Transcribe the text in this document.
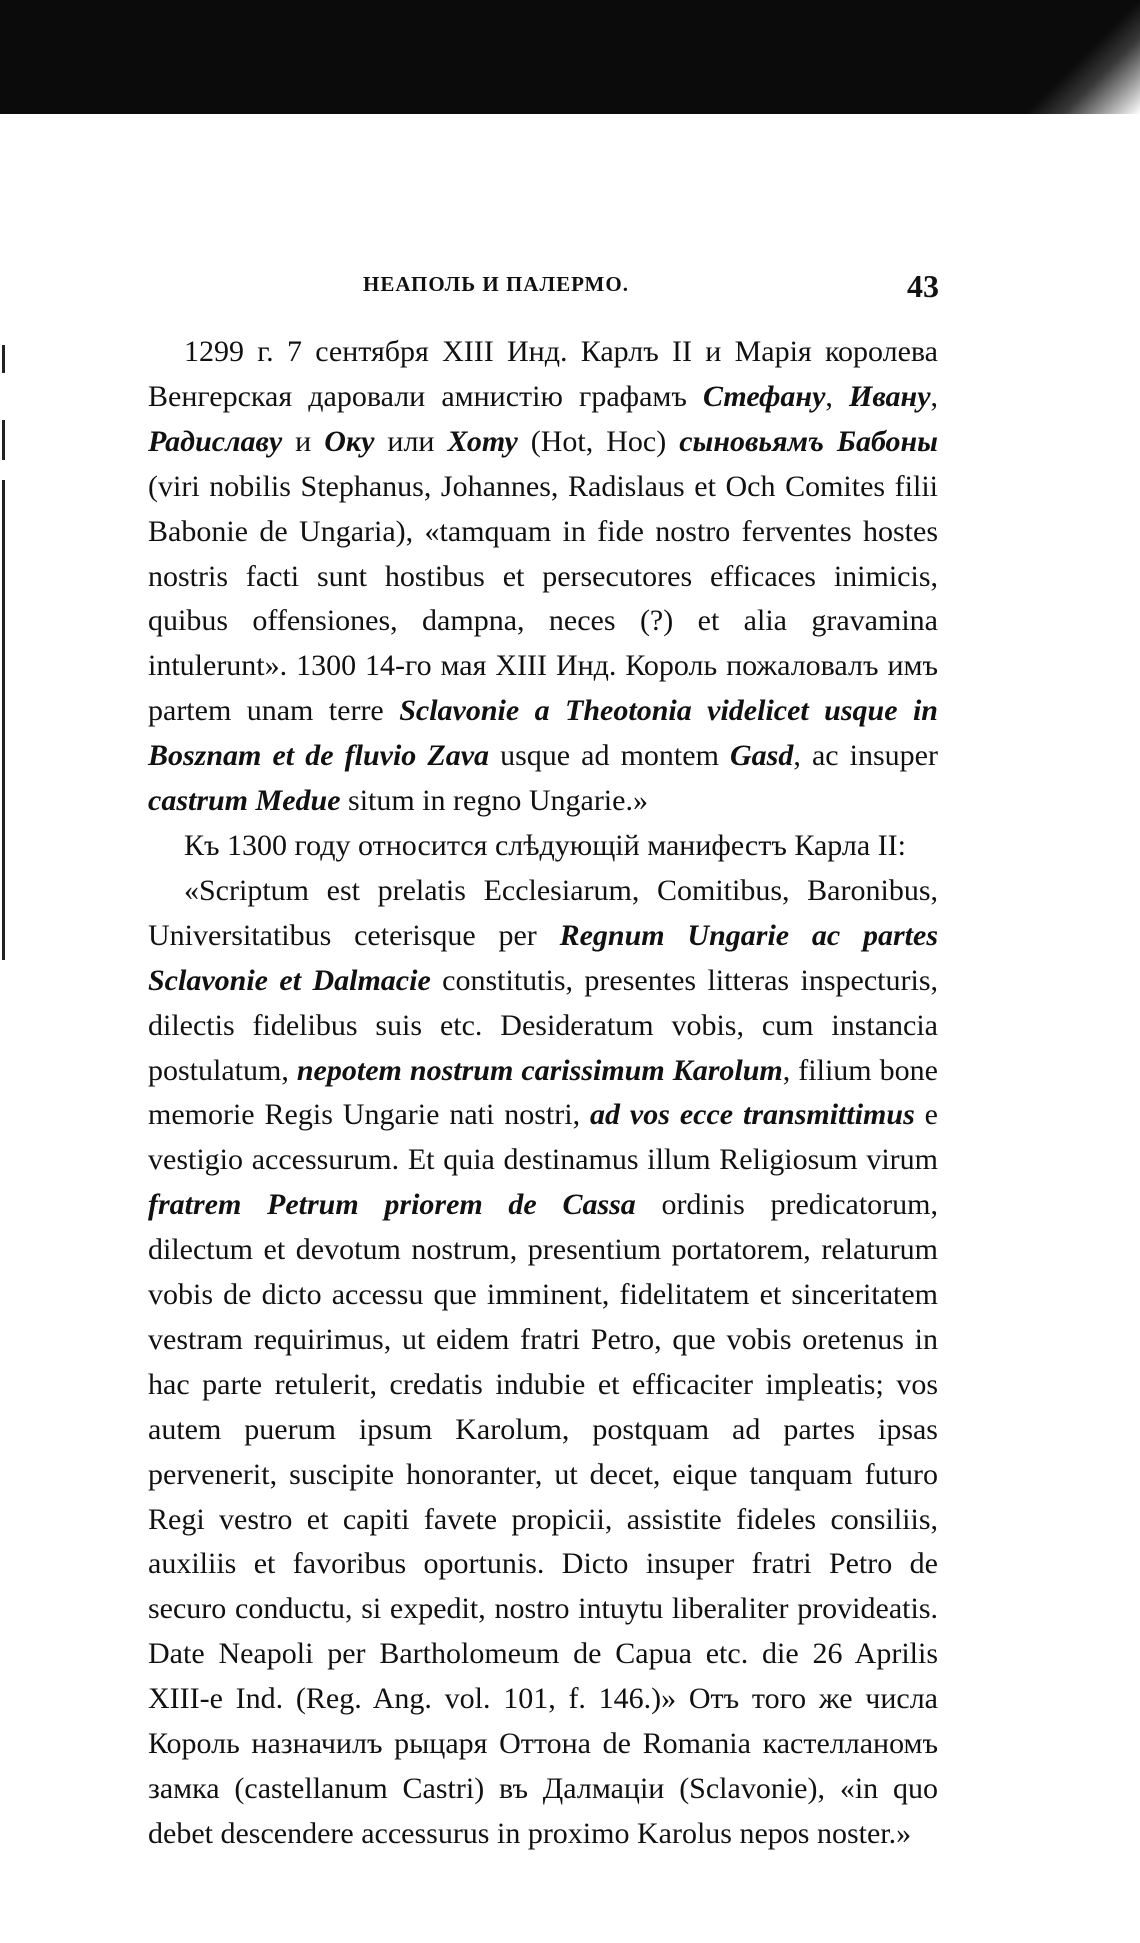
НЕАПОЛЬ И ПАЛЕРМО.	43

1299 г. 7 сентября XIII Инд. Карлъ II и Марія королева Венгерская даровали амнистію графамъ Стефану, Ивану, Радиславу и Оку или Хоту (Hot, Hoc) сыновьямъ Бабоны (viri nobilis Stephanus, Johannes, Radislaus et Och Comites filii Babonie de Ungaria), «tamquam in fide nostro ferventes hostes nostris facti sunt hostibus et persecutores efficaces inimicis, quibus offensiones, dampna, neces (?) et alia gravamina intulerunt». 1300 14-го мая XIII Инд. Король пожаловалъ имъ partem unam terre Sclavonie a Theotonia videlicet usque in Bosznam et de fluvio Zava usque ad montem Gasd, ac insuper castrum Medue situm in regno Ungarie.»

Къ 1300 году относится слѣдующій манифестъ Карла II:

«Scriptum est prelatis Ecclesiarum, Comitibus, Baronibus, Universitatibus ceterisque per Regnum Ungarie ac partes Sclavonie et Dalmacie constitutis, presentes litteras inspecturis, dilectis fidelibus suis etc. Desideratum vobis, cum instancia postulatum, nepotem nostrum carissimum Karolum, filium bone memorie Regis Ungarie nati nostri, ad vos ecce transmittimus e vestigio accessurum. Et quia destinamus illum Religiosum virum fratrem Petrum priorem de Cassa ordinis predicatorum, dilectum et devotum nostrum, presentium portatorem, relaturum vobis de dicto accessu que imminent, fidelitatem et sinceritatem vestram requirimus, ut eidem fratri Petro, que vobis oretenus in hac parte retulerit, credatis indubie et efficaciter impleatis; vos autem puerum ipsum Karolum, postquam ad partes ipsas pervenerit, suscipite honoranter, ut decet, eique tanquam futuro Regi vestro et capiti favete propicii, assistite fideles consiliis, auxiliis et favoribus oportunis. Dicto insuper fratri Petro de securo conductu, si expedit, nostro intuytu liberaliter provideatis. Date Neapoli per Bartholomeum de Capua etc. die 26 Aprilis XIII-e Ind. (Reg. Ang. vol. 101, f. 146.)» Отъ того же числа Король назначилъ рыцаря Оттона de Romania кастелланомъ замка (castellanum Castri) въ Далмаціи (Sclavonie), «in quo debet descendere accessurus in proximo Karolus nepos noster.»
